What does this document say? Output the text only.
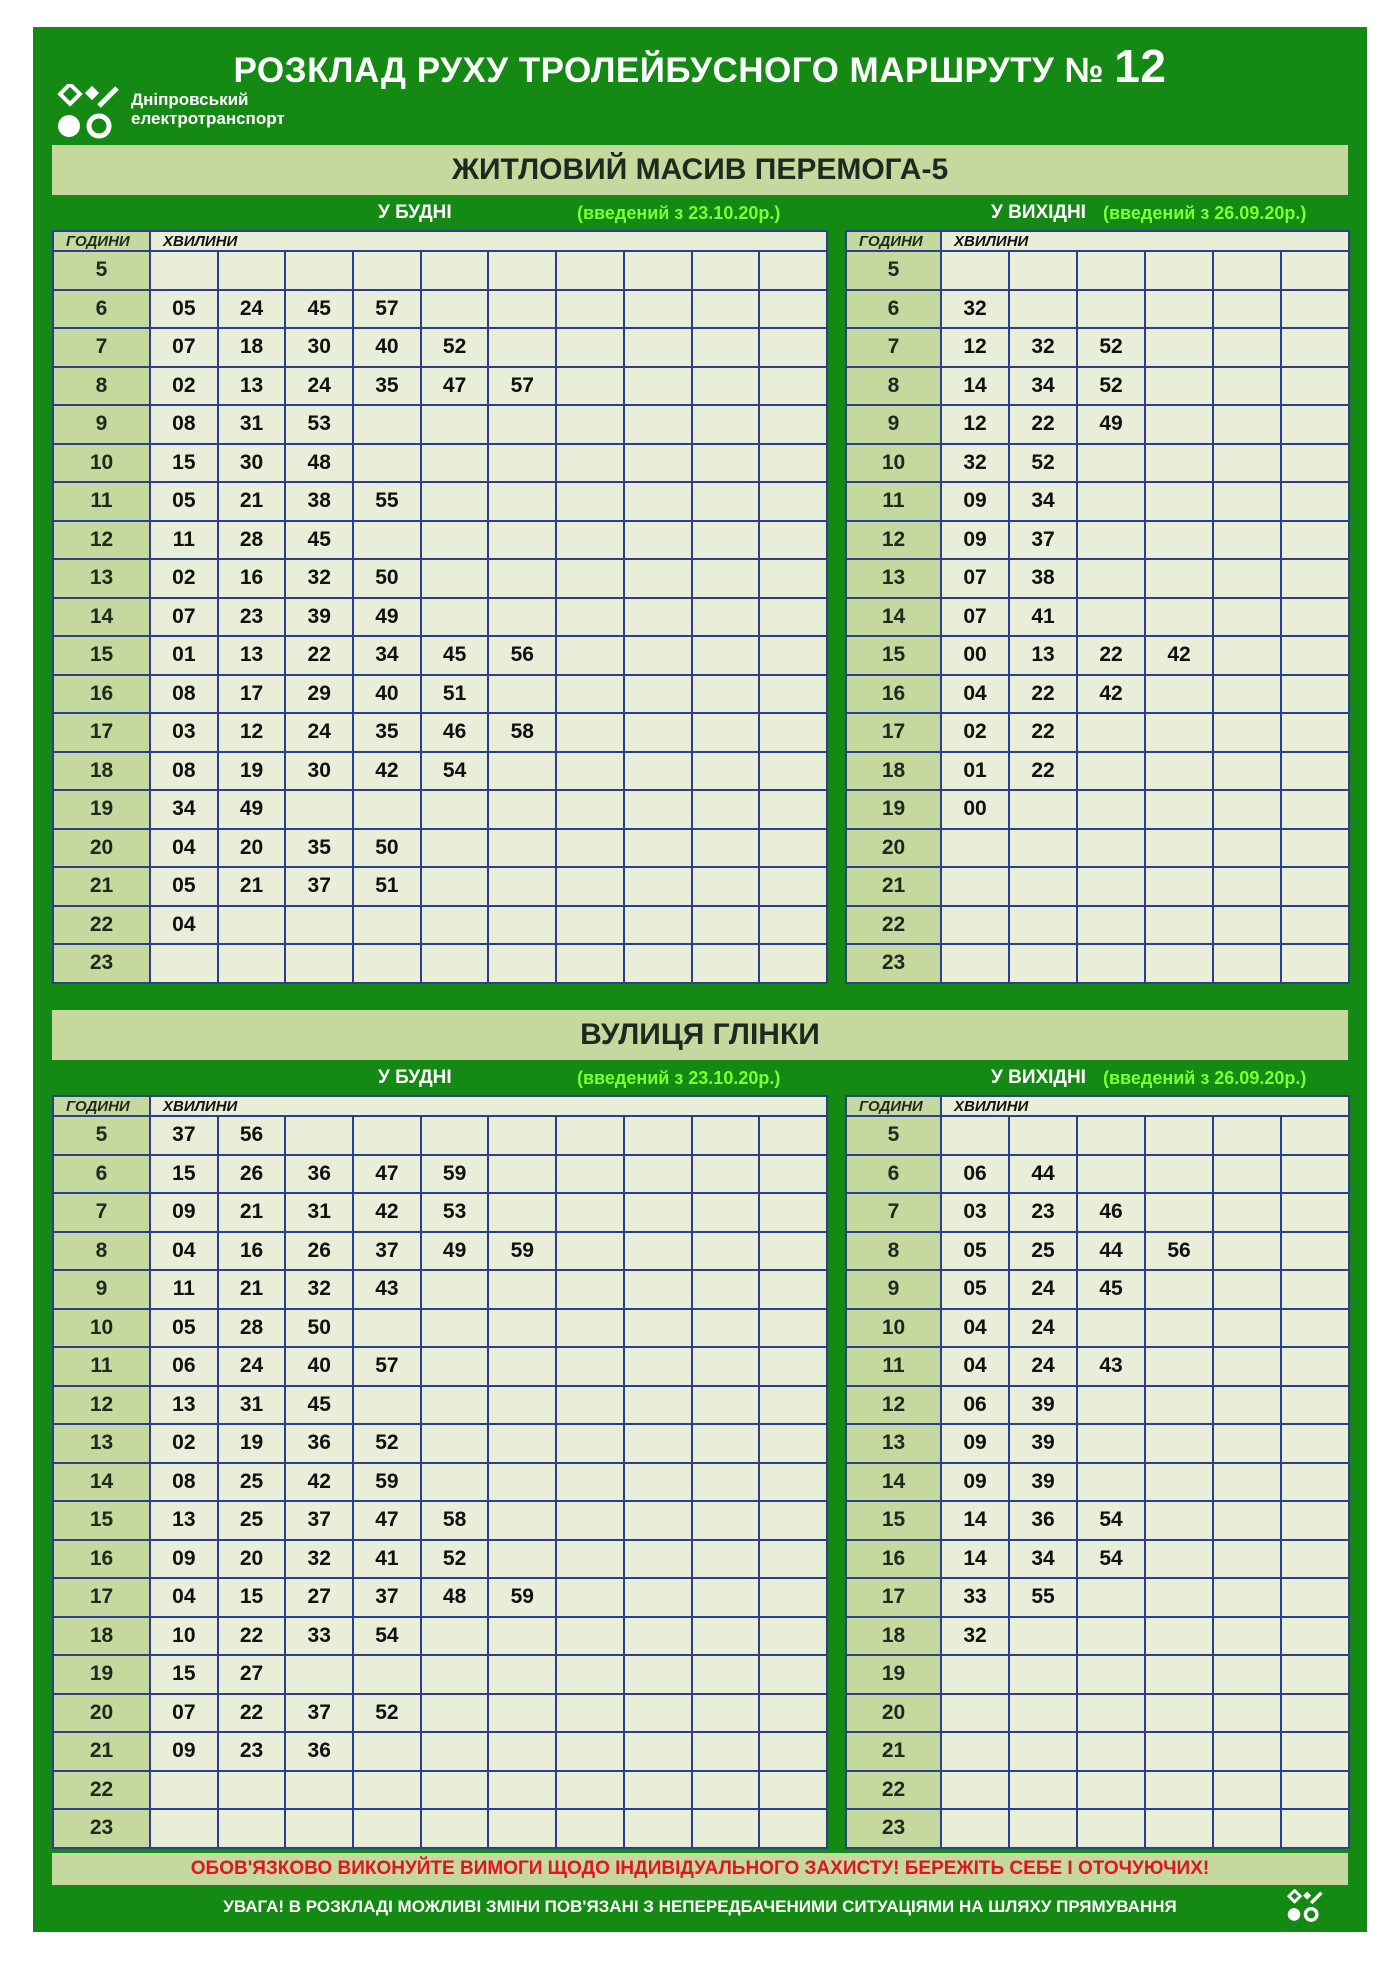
РОЗКЛАД РУХУ ТРОЛЕЙБУСНОГО МАРШРУТУ № 12
Дніпровський
електротранспорт
ЖИТЛОВИЙ МАСИВ ПЕРЕМОГА-5
У БУДНІ	(введений з 23.10.20р.)	У ВИХІДНІ (введений з 26.09.20р.)
ГОДИНИ	ХВИЛИНИ									
5										
6	05	24	45	57						
7	07	18	30	40	52					
8	02	13	24	35	47	57				
9	08	31	53							
10	15	30	48							
11	05	21	38	55						
12	11	28	45							
13	02	16	32	50						
14	07	23	39	49						
15	01	13	22	34	45	56				
16	08	17	29	40	51					
17	03	12	24	35	46	58				
18	08	19	30	42	54					
19	34	49								
20	04	20	35	50						
21	05	21	37	51						
22	04									
23										
ГОДИНИ	ХВИЛИНИ					
5						
6	32					
7	12	32	52			
8	14	34	52			
9	12	22	49			
10	32	52				
11	09	34				
12	09	37				
13	07	38				
14	07	41				
15	00	13	22	42		
16	04	22	42			
17	02	22				
18	01	22				
19	00					
20						
21						
22						
23						
ВУЛИЦЯ ГЛІНКИ
У БУДНІ	(введений з 23.10.20р.)	У ВИХІДНІ (введений з 26.09.20р.)
ГОДИНИ	ХВИЛИНИ									
5	37	56								
6	15	26	36	47	59					
7	09	21	31	42	53					
8	04	16	26	37	49	59				
9	11	21	32	43						
10	05	28	50							
11	06	24	40	57						
12	13	31	45							
13	02	19	36	52						
14	08	25	42	59						
15	13	25	37	47	58					
16	09	20	32	41	52					
17	04	15	27	37	48	59				
18	10	22	33	54						
19	15	27								
20	07	22	37	52						
21	09	23	36							
22										
23										
ГОДИНИ	ХВИЛИНИ					
5						
6	06	44				
7	03	23	46			
8	05	25	44	56		
9	05	24	45			
10	04	24				
11	04	24	43			
12	06	39				
13	09	39				
14	09	39				
15	14	36	54			
16	14	34	54			
17	33	55				
18	32					
19						
20						
21						
22						
23						
ОБОВ'ЯЗКОВО ВИКОНУЙТЕ ВИМОГИ ЩОДО ІНДИВІДУАЛЬНОГО ЗАХИСТУ! БЕРЕЖІТЬ СЕБЕ І ОТОЧУЮЧИХ!
УВАГА! В РОЗКЛАДІ МОЖЛИВІ ЗМІНИ ПОВ'ЯЗАНІ З НЕПЕРЕДБАЧЕНИМИ СИТУАЦІЯМИ НА ШЛЯХУ ПРЯМУВАННЯ
